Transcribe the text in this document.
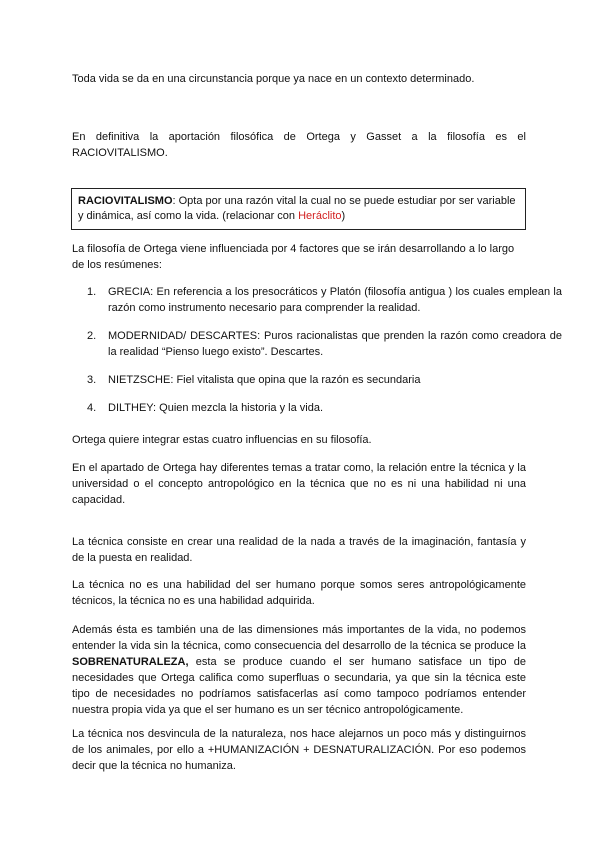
Toda vida se da en una circunstancia porque ya nace en un contexto determinado.

En definitiva la aportación filosófica de Ortega y Gasset a la filosofía es el RACIOVITALISMO.

RACIOVITALISMO: Opta por una razón vital la cual no se puede estudiar por ser variable y dinámica, así como la vida. (relacionar con Heráclito)

La filosofía de Ortega viene influenciada por 4 factores que se irán desarrollando a lo largo de los resúmenes:

1. GRECIA: En referencia a los presocráticos y Platón (filosofía antigua ) los cuales emplean la razón como instrumento necesario para comprender la realidad.
2. MODERNIDAD/ DESCARTES: Puros racionalistas que prenden la razón como creadora de la realidad “Pienso luego existo”. Descartes.
3. NIETZSCHE: Fiel vitalista que opina que la razón es secundaria
4. DILTHEY: Quien mezcla la historia y la vida.

Ortega quiere integrar estas cuatro influencias en su filosofía.

En el apartado de Ortega hay diferentes temas a tratar como, la relación entre la técnica y la universidad o el concepto antropológico en la técnica que no es ni una habilidad ni una capacidad.

La técnica consiste en crear una realidad de la nada a través de la imaginación, fantasía y de la puesta en realidad.

La técnica no es una habilidad del ser humano porque somos seres antropológicamente técnicos, la técnica no es una habilidad adquirida.

Además ésta es también una de las dimensiones más importantes de la vida, no podemos entender la vida sin la técnica, como consecuencia del desarrollo de la técnica se produce la SOBRENATURALEZA, esta se produce cuando el ser humano satisface un tipo de necesidades que Ortega califica como superfluas o secundaria, ya que sin la técnica este tipo de necesidades no podríamos satisfacerlas así como tampoco podríamos entender nuestra propia vida ya que el ser humano es un ser técnico antropológicamente.

La técnica nos desvincula de la naturaleza, nos hace alejarnos un poco más y distinguirnos de los animales, por ello a +HUMANIZACIÓN + DESNATURALIZACIÓN. Por eso podemos decir que la técnica no humaniza.
